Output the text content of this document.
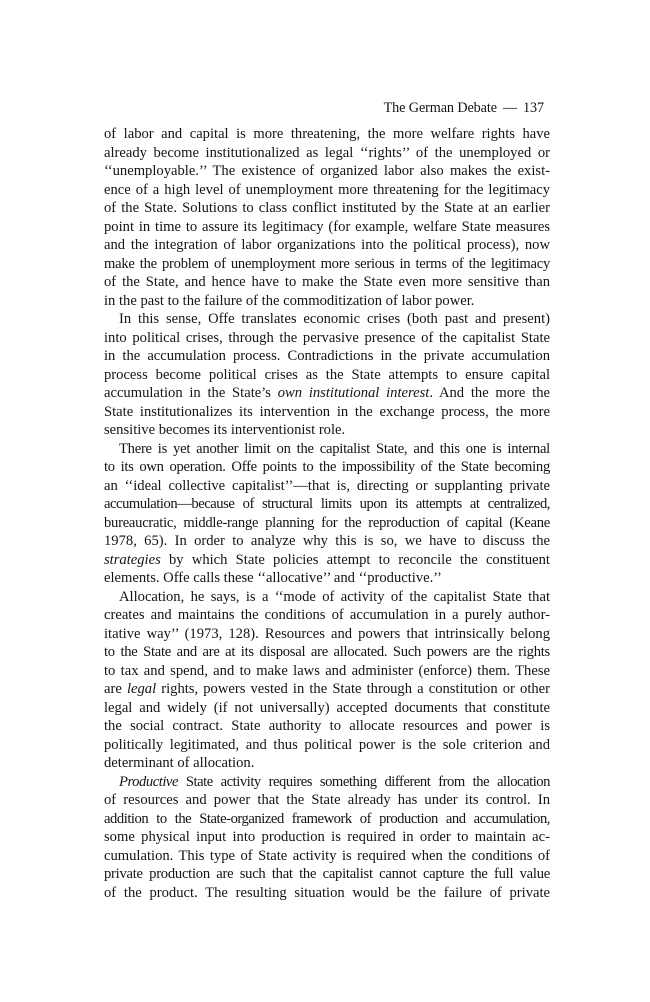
The German Debate — 137
of labor and capital is more threatening, the more welfare rights have
already become institutionalized as legal ‘‘rights’’ of the unemployed or
‘‘unemployable.’’ The existence of organized labor also makes the exist-
ence of a high level of unemployment more threatening for the legitimacy
of the State. Solutions to class conflict instituted by the State at an earlier
point in time to assure its legitimacy (for example, welfare State measures
and the integration of labor organizations into the political process), now
make the problem of unemployment more serious in terms of the legitimacy
of the State, and hence have to make the State even more sensitive than
in the past to the failure of the commoditization of labor power.
In this sense, Offe translates economic crises (both past and present)
into political crises, through the pervasive presence of the capitalist State
in the accumulation process. Contradictions in the private accumulation
process become political crises as the State attempts to ensure capital
accumulation in the State’s own institutional interest. And the more the
State institutionalizes its intervention in the exchange process, the more
sensitive becomes its interventionist role.
There is yet another limit on the capitalist State, and this one is internal
to its own operation. Offe points to the impossibility of the State becoming
an ‘‘ideal collective capitalist’’—that is, directing or supplanting private
accumulation—because of structural limits upon its attempts at centralized,
bureaucratic, middle-range planning for the reproduction of capital (Keane
1978, 65). In order to analyze why this is so, we have to discuss the
strategies by which State policies attempt to reconcile the constituent
elements. Offe calls these ‘‘allocative’’ and ‘‘productive.’’
Allocation, he says, is a ‘‘mode of activity of the capitalist State that
creates and maintains the conditions of accumulation in a purely author-
itative way’’ (1973, 128). Resources and powers that intrinsically belong
to the State and are at its disposal are allocated. Such powers are the rights
to tax and spend, and to make laws and administer (enforce) them. These
are legal rights, powers vested in the State through a constitution or other
legal and widely (if not universally) accepted documents that constitute
the social contract. State authority to allocate resources and power is
politically legitimated, and thus political power is the sole criterion and
determinant of allocation.
Productive State activity requires something different from the allocation
of resources and power that the State already has under its control. In
addition to the State-organized framework of production and accumulation,
some physical input into production is required in order to maintain ac-
cumulation. This type of State activity is required when the conditions of
private production are such that the capitalist cannot capture the full value
of the product. The resulting situation would be the failure of private
